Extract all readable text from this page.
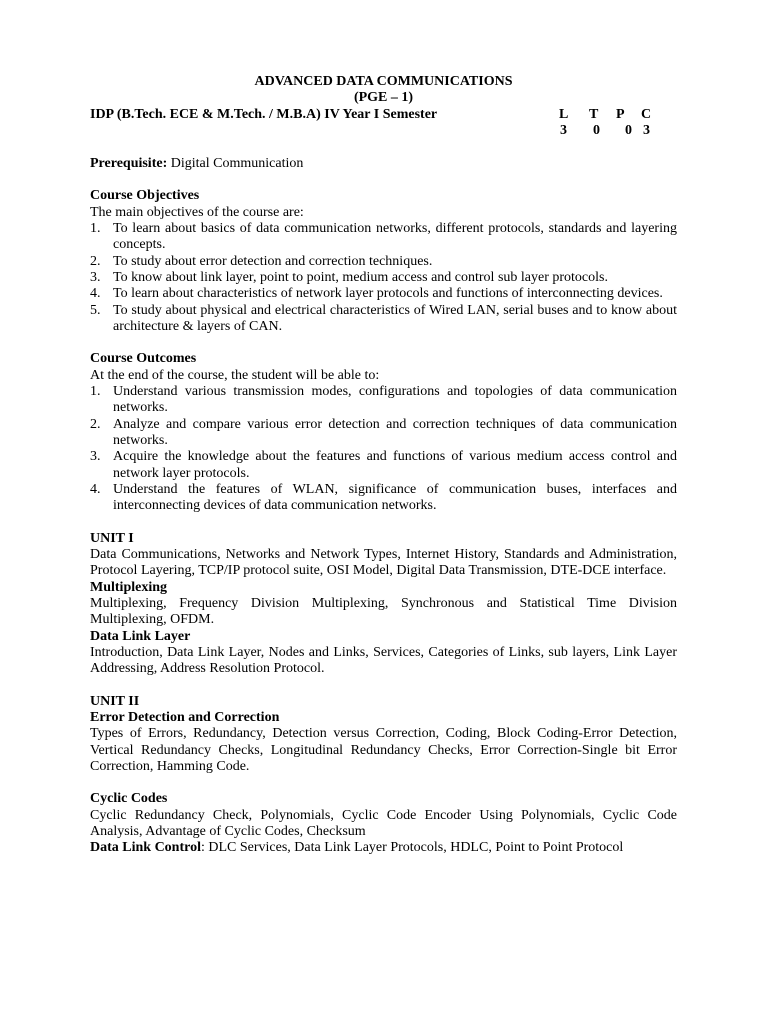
ADVANCED DATA COMMUNICATIONS
(PGE – 1)
IDP (B.Tech. ECE & M.Tech. / M.B.A) IV Year I Semester	L T P C
3 0 0 3
Prerequisite: Digital Communication
Course Objectives
The main objectives of the course are:
1. To learn about basics of data communication networks, different protocols, standards and layering concepts.
2. To study about error detection and correction techniques.
3. To know about link layer, point to point, medium access and control sub layer protocols.
4. To learn about characteristics of network layer protocols and functions of interconnecting devices.
5. To study about physical and electrical characteristics of Wired LAN, serial buses and to know about architecture & layers of CAN.
Course Outcomes
At the end of the course, the student will be able to:
1. Understand various transmission modes, configurations and topologies of data communication networks.
2. Analyze and compare various error detection and correction techniques of data communication networks.
3. Acquire the knowledge about the features and functions of various medium access control and network layer protocols.
4. Understand the features of WLAN, significance of communication buses, interfaces and interconnecting devices of data communication networks.
UNIT I
Data Communications, Networks and Network Types, Internet History, Standards and Administration, Protocol Layering, TCP/IP protocol suite, OSI Model, Digital Data Transmission, DTE-DCE interface.
Multiplexing
Multiplexing, Frequency Division Multiplexing, Synchronous and Statistical Time Division Multiplexing, OFDM.
Data Link Layer
Introduction, Data Link Layer, Nodes and Links, Services, Categories of Links, sub layers, Link Layer Addressing, Address Resolution Protocol.
UNIT II
Error Detection and Correction
Types of Errors, Redundancy, Detection versus Correction, Coding, Block Coding-Error Detection, Vertical Redundancy Checks, Longitudinal Redundancy Checks, Error Correction-Single bit Error Correction, Hamming Code.
Cyclic Codes
Cyclic Redundancy Check, Polynomials, Cyclic Code Encoder Using Polynomials, Cyclic Code Analysis, Advantage of Cyclic Codes, Checksum
Data Link Control: DLC Services, Data Link Layer Protocols, HDLC, Point to Point Protocol
